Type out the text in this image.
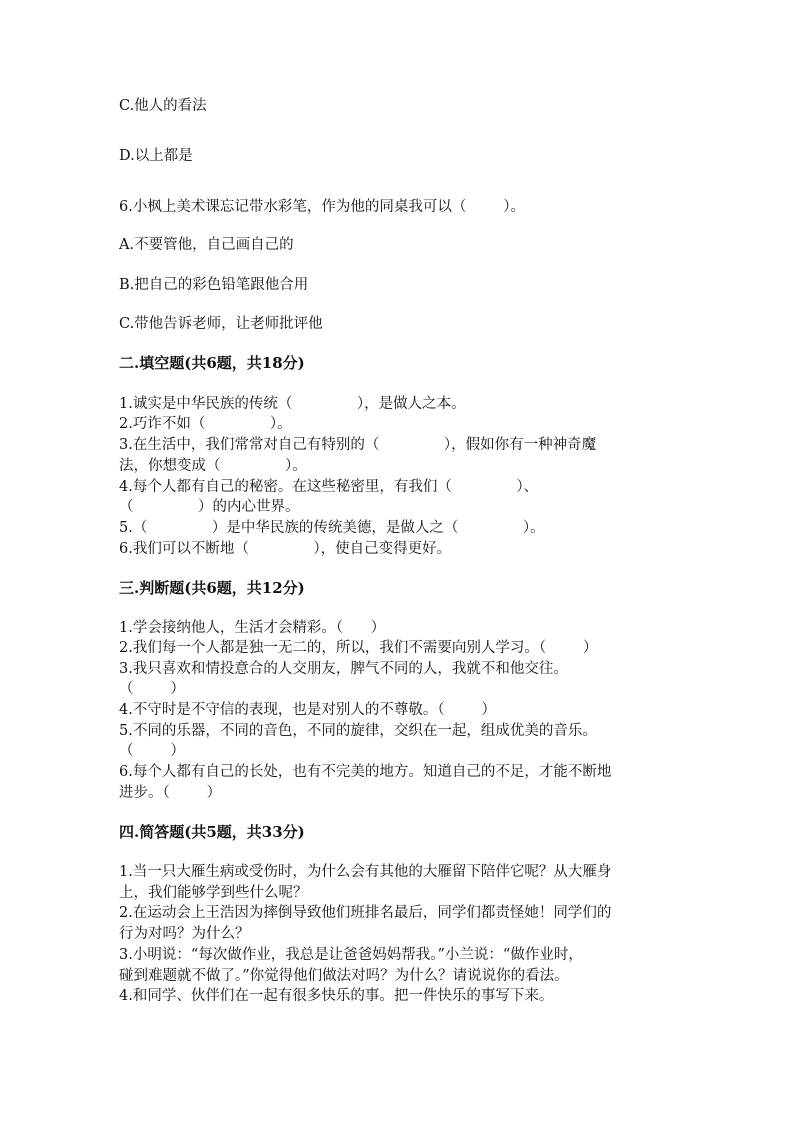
C.他人的看法
D.以上都是
6.小枫上美术课忘记带水彩笔，作为他的同桌我可以（        ）。
A.不要管他，自己画自己的
B.把自己的彩色铅笔跟他合用
C.带他告诉老师，让老师批评他
二.填空题(共6题，共18分)
1.诚实是中华民族的传统（              ），是做人之本。
2.巧诈不如（              ）。
3.在生活中，我们常常对自己有特别的（              ），假如你有一种神奇魔
法，你想变成（              ）。
4.每个人都有自己的秘密。在这些秘密里，有我们（              ）、
（              ）的内心世界。
5.（              ）是中华民族的传统美德，是做人之（              ）。
6.我们可以不断地（              ），使自己变得更好。
三.判断题(共6题，共12分)
1.学会接纳他人，生活才会精彩。（      ）
2.我们每一个人都是独一无二的，所以，我们不需要向别人学习。（        ）
3.我只喜欢和情投意合的人交朋友，脾气不同的人，我就不和他交往。
（        ）
4.不守时是不守信的表现，也是对别人的不尊敬。（        ）
5.不同的乐器，不同的音色，不同的旋律，交织在一起，组成优美的音乐。
（        ）
6.每个人都有自己的长处，也有不完美的地方。知道自己的不足，才能不断地
进步。（        ）
四.简答题(共5题，共33分)
1.当一只大雁生病或受伤时，为什么会有其他的大雁留下陪伴它呢？从大雁身
上，我们能够学到些什么呢？
2.在运动会上王浩因为摔倒导致他们班排名最后，同学们都责怪她！同学们的
行为对吗？为什么？
3.小明说：“每次做作业，我总是让爸爸妈妈帮我。”小兰说：“做作业时，
碰到难题就不做了。”你觉得他们做法对吗？为什么？请说说你的看法。
4.和同学、伙伴们在一起有很多快乐的事。把一件快乐的事写下来。
